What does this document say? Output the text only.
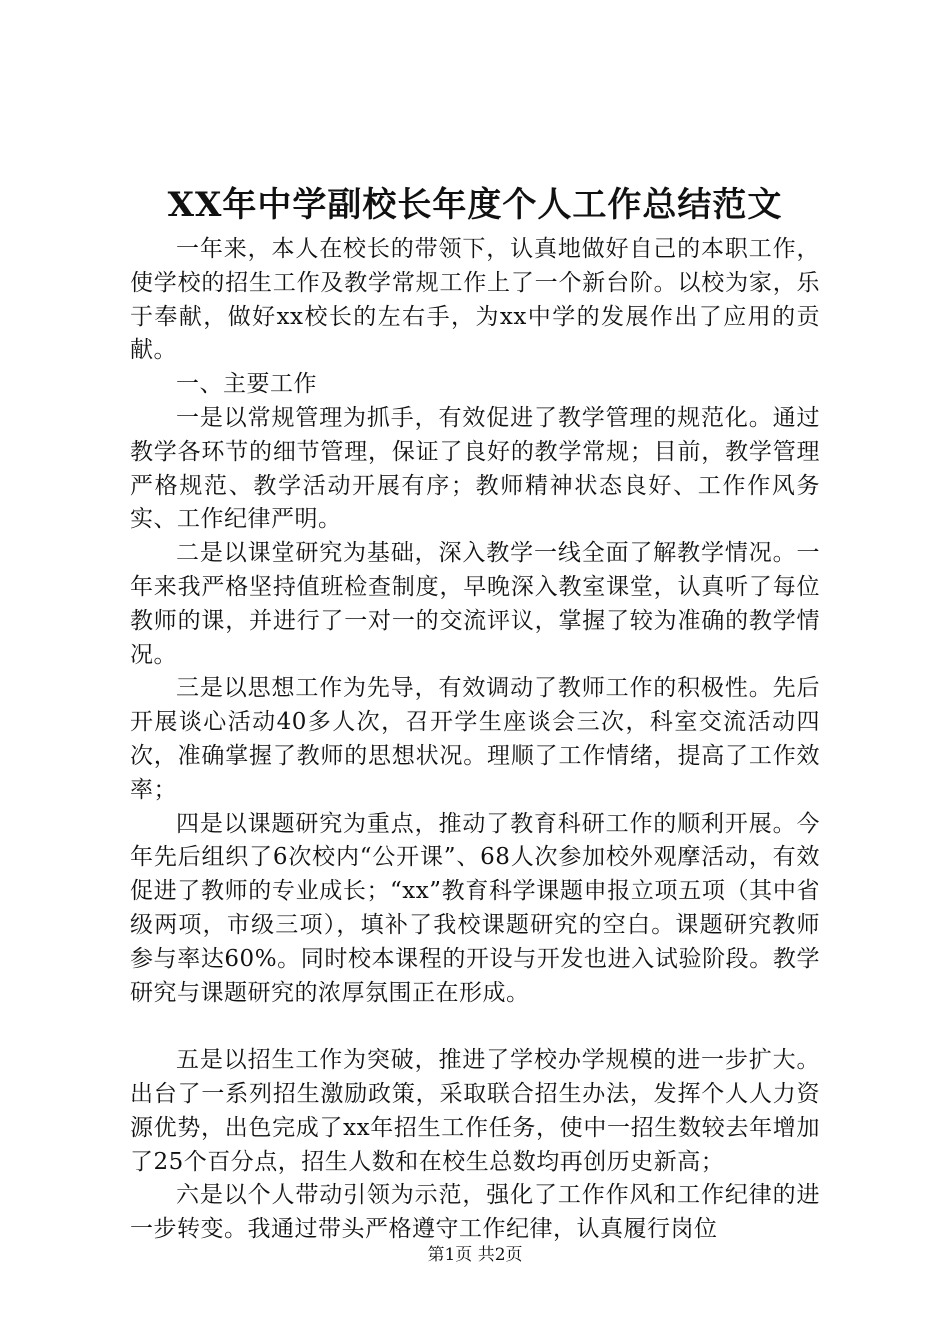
XX年中学副校长年度个人工作总结范文

一年来，本人在校长的带领下，认真地做好自己的本职工作，使学校的招生工作及教学常规工作上了一个新台阶。以校为家，乐于奉献，做好xx校长的左右手，为xx中学的发展作出了应用的贡献。

一、主要工作

一是以常规管理为抓手，有效促进了教学管理的规范化。通过教学各环节的细节管理，保证了良好的教学常规；目前，教学管理严格规范、教学活动开展有序；教师精神状态良好、工作作风务实、工作纪律严明。

二是以课堂研究为基础，深入教学一线全面了解教学情况。一年来我严格坚持值班检查制度，早晚深入教室课堂，认真听了每位教师的课，并进行了一对一的交流评议，掌握了较为准确的教学情况。

三是以思想工作为先导，有效调动了教师工作的积极性。先后开展谈心活动40多人次，召开学生座谈会三次，科室交流活动四次，准确掌握了教师的思想状况。理顺了工作情绪，提高了工作效率；

四是以课题研究为重点，推动了教育科研工作的顺利开展。今年先后组织了6次校内“公开课”、68人次参加校外观摩活动，有效促进了教师的专业成长；“xx”教育科学课题申报立项五项（其中省级两项，市级三项），填补了我校课题研究的空白。课题研究教师参与率达60%。同时校本课程的开设与开发也进入试验阶段。教学研究与课题研究的浓厚氛围正在形成。

五是以招生工作为突破，推进了学校办学规模的进一步扩大。出台了一系列招生激励政策，采取联合招生办法，发挥个人人力资源优势，出色完成了xx年招生工作任务，使中一招生数较去年增加了25个百分点，招生人数和在校生总数均再创历史新高；

六是以个人带动引领为示范，强化了工作作风和工作纪律的进一步转变。我通过带头严格遵守工作纪律，认真履行岗位

第1页 共2页
